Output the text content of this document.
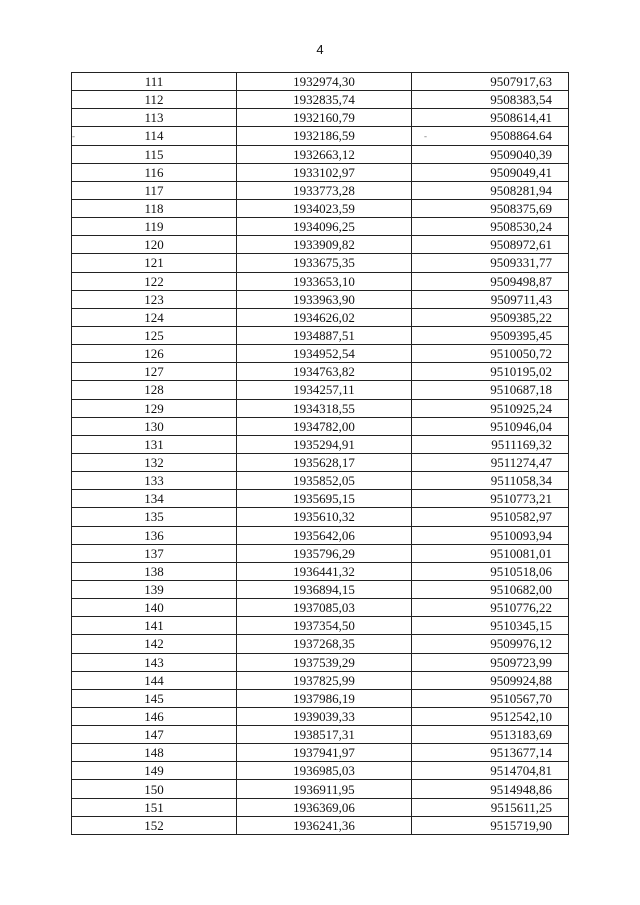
4
-	-
111	1932974,30	9507917,63
112	1932835,74	9508383,54
113	1932160,79	9508614,41
114	1932186,59	9508864.64
115	1932663,12	9509040,39
116	1933102,97	9509049,41
117	1933773,28	9508281,94
118	1934023,59	9508375,69
119	1934096,25	9508530,24
120	1933909,82	9508972,61
121	1933675,35	9509331,77
122	1933653,10	9509498,87
123	1933963,90	9509711,43
124	1934626,02	9509385,22
125	1934887,51	9509395,45
126	1934952,54	9510050,72
127	1934763,82	9510195,02
128	1934257,11	9510687,18
129	1934318,55	9510925,24
130	1934782,00	9510946,04
131	1935294,91	9511169,32
132	1935628,17	9511274,47
133	1935852,05	9511058,34
134	1935695,15	9510773,21
135	1935610,32	9510582,97
136	1935642,06	9510093,94
137	1935796,29	9510081,01
138	1936441,32	9510518,06
139	1936894,15	9510682,00
140	1937085,03	9510776,22
141	1937354,50	9510345,15
142	1937268,35	9509976,12
143	1937539,29	9509723,99
144	1937825,99	9509924,88
145	1937986,19	9510567,70
146	1939039,33	9512542,10
147	1938517,31	9513183,69
148	1937941,97	9513677,14
149	1936985,03	9514704,81
150	1936911,95	9514948,86
151	1936369,06	9515611,25
152	1936241,36	9515719,90
